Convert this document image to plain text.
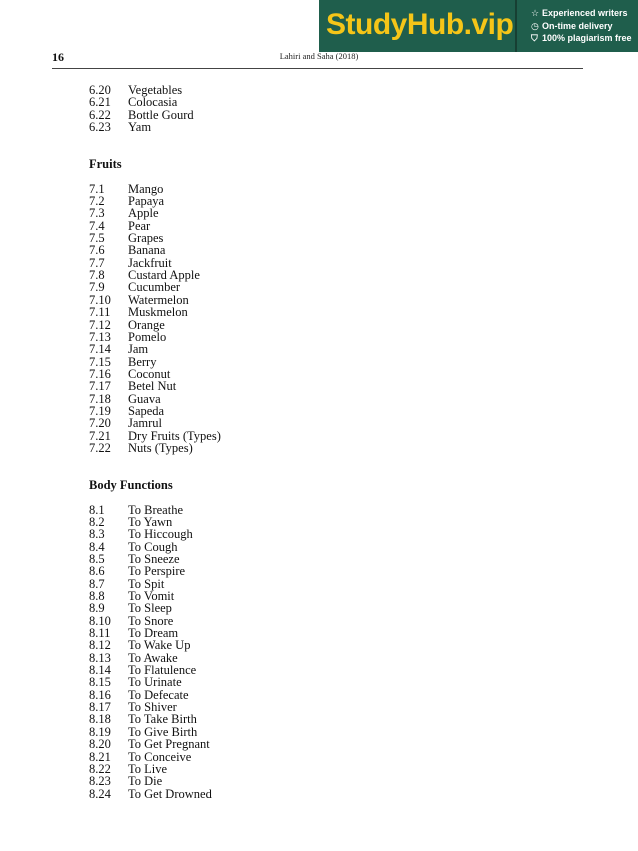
StudyHub.vip ☆ Experienced writers
◷ On-time delivery
⛉ 100% plagiarism free
16	Lahiri and Saha (2018)
6.20	Vegetables
6.21	Colocasia
6.22	Bottle Gourd
6.23	Yam
Fruits
7.1	Mango
7.2	Papaya
7.3	Apple
7.4	Pear
7.5	Grapes
7.6	Banana
7.7	Jackfruit
7.8	Custard Apple
7.9	Cucumber
7.10	Watermelon
7.11	Muskmelon
7.12	Orange
7.13	Pomelo
7.14	Jam
7.15	Berry
7.16	Coconut
7.17	Betel Nut
7.18	Guava
7.19	Sapeda
7.20	Jamrul
7.21	Dry Fruits (Types)
7.22	Nuts (Types)
Body Functions
8.1	To Breathe
8.2	To Yawn
8.3	To Hiccough
8.4	To Cough
8.5	To Sneeze
8.6	To Perspire
8.7	To Spit
8.8	To Vomit
8.9	To Sleep
8.10	To Snore
8.11	To Dream
8.12	To Wake Up
8.13	To Awake
8.14	To Flatulence
8.15	To Urinate
8.16	To Defecate
8.17	To Shiver
8.18	To Take Birth
8.19	To Give Birth
8.20	To Get Pregnant
8.21	To Conceive
8.22	To Live
8.23	To Die
8.24	To Get Drowned
